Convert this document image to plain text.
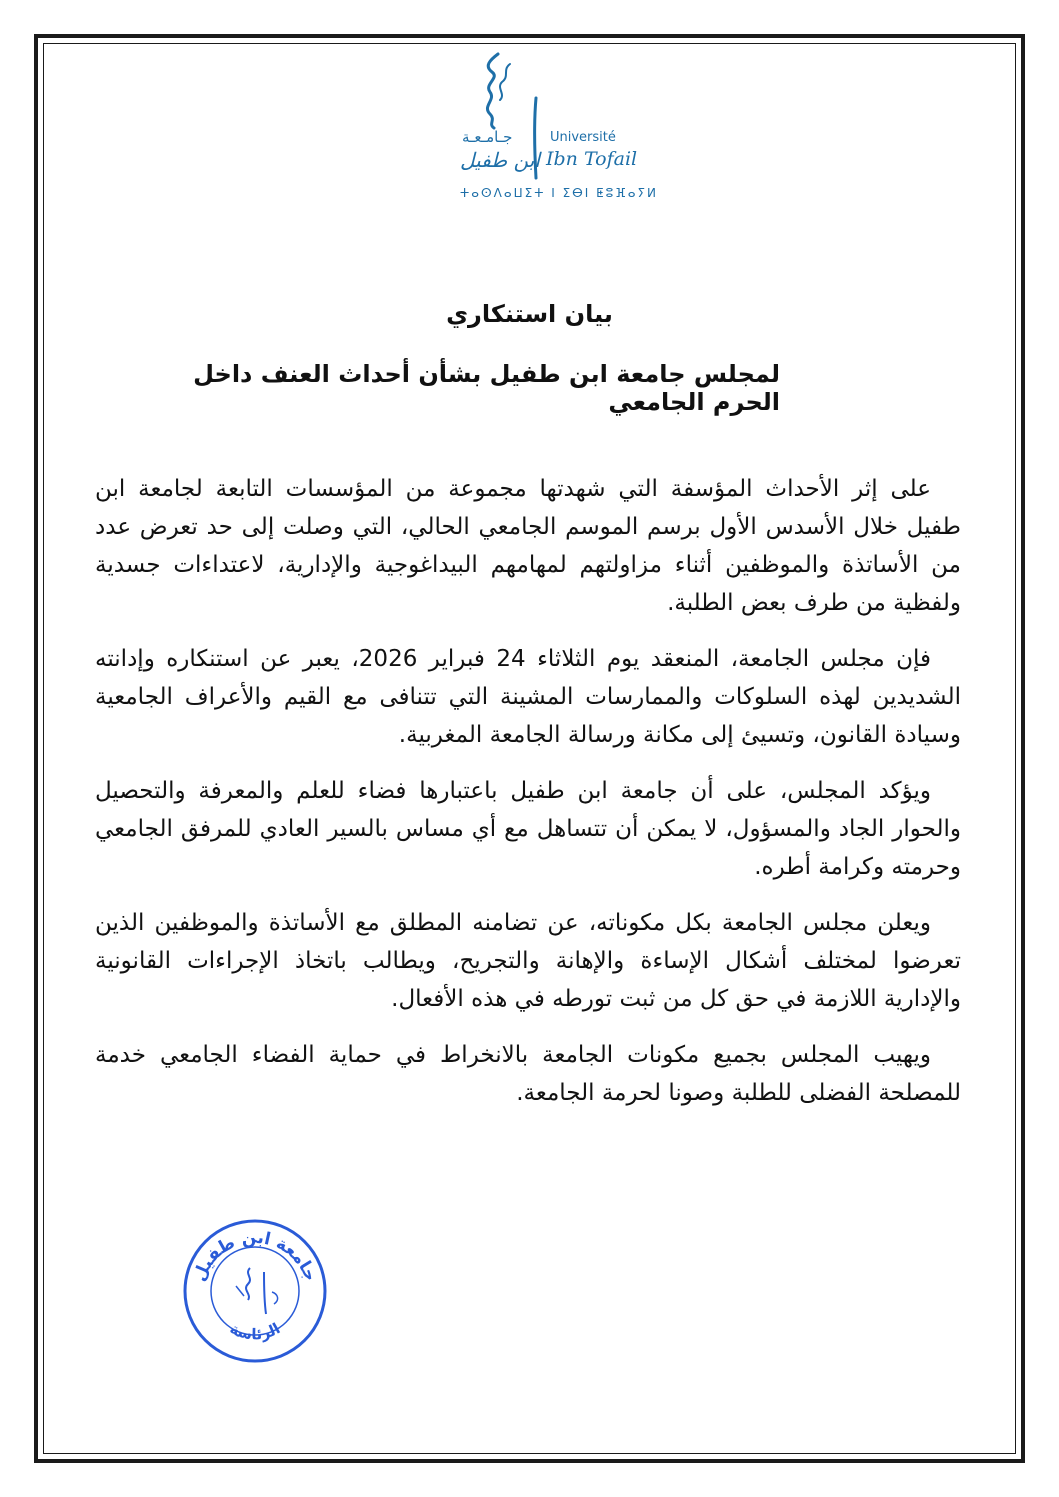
جـامـعـة	Université
ابن طفيل Ibn Tofail
ⵜⴰⵙⴷⴰⵡⵉⵜ ⵏ ⵉⴱⵏ ⵟⵓⴼⴰⵢⵍ
بيان استنكاري
لمجلس جامعة ابن طفيل بشأن أحداث العنف داخل الحرم الجامعي

على إثر الأحداث المؤسفة التي شهدتها مجموعة من المؤسسات التابعة لجامعة ابن طفيل خلال الأسدس الأول برسم الموسم الجامعي الحالي، التي وصلت إلى حد تعرض عدد من الأساتذة والموظفين أثناء مزاولتهم لمهامهم البيداغوجية والإدارية، لاعتداءات جسدية ولفظية من طرف بعض الطلبة.

فإن مجلس الجامعة، المنعقد يوم الثلاثاء 24 فبراير 2026، يعبر عن استنكاره وإدانته الشديدين لهذه السلوكات والممارسات المشينة التي تتنافى مع القيم والأعراف الجامعية وسيادة القانون، وتسيئ إلى مكانة ورسالة الجامعة المغربية.

ويؤكد المجلس، على أن جامعة ابن طفيل باعتبارها فضاء للعلم والمعرفة والتحصيل والحوار الجاد والمسؤول، لا يمكن أن تتساهل مع أي مساس بالسير العادي للمرفق الجامعي وحرمته وكرامة أطره.

ويعلن مجلس الجامعة بكل مكوناته، عن تضامنه المطلق مع الأساتذة والموظفين الذين تعرضوا لمختلف أشكال الإساءة والإهانة والتجريح، ويطالب باتخاذ الإجراءات القانونية والإدارية اللازمة في حق كل من ثبت تورطه في هذه الأفعال.

ويهيب المجلس بجميع مكونات الجامعة بالانخراط في حماية الفضاء الجامعي خدمة للمصلحة الفضلى للطلبة وصونا لحرمة الجامعة.

جامعة ابن طفيل
الرئاسة
